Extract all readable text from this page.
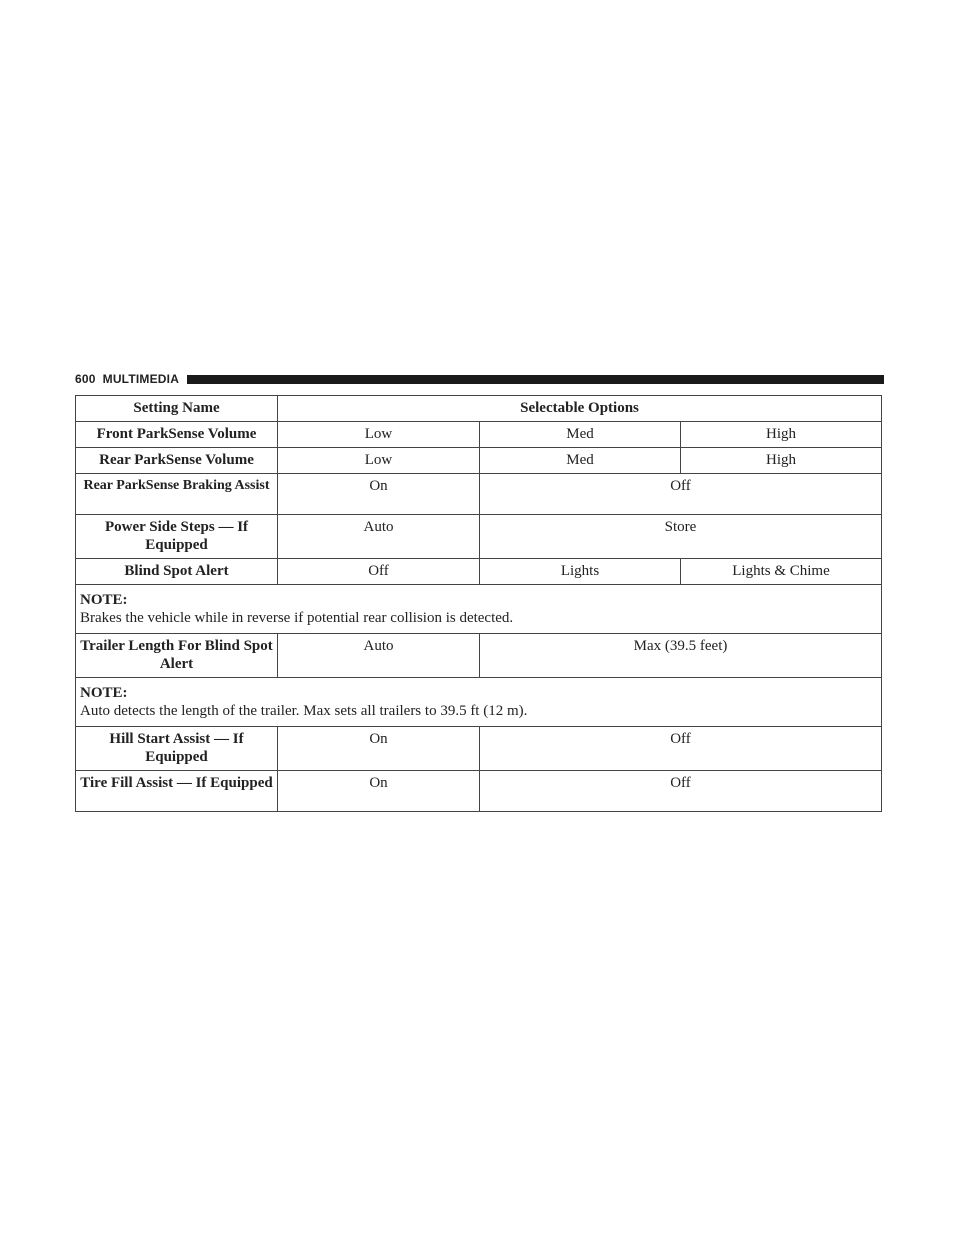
600 MULTIMEDIA
Setting Name	Selectable Options		
Front ParkSense Volume	Low	Med	High
Rear ParkSense Volume	Low	Med	High
Rear ParkSense Braking Assist	On	Off	
Power Side Steps — If Equipped	Auto	Store	
Blind Spot Alert	Off	Lights	Lights & Chime

NOTE:
Brakes the vehicle while in reverse if potential rear collision is detected.			

Trailer Length For Blind Spot Alert	Auto	Max (39.5 feet)	

NOTE:
Auto detects the length of the trailer. Max sets all trailers to 39.5 ft (12 m).			

Hill Start Assist — If Equipped	On	Off	
Tire Fill Assist — If Equipped	On	Off	
